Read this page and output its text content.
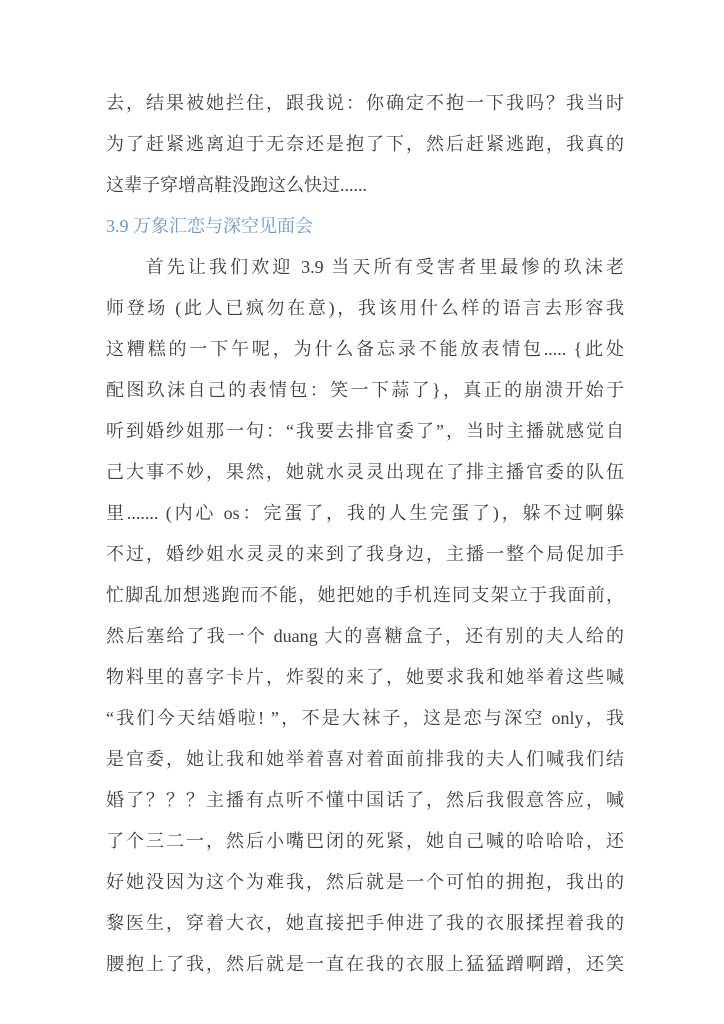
去，结果被她拦住，跟我说：你确定不抱一下我吗？我当时
为了赶紧逃离迫于无奈还是抱了下，然后赶紧逃跑，我真的
这辈子穿增高鞋没跑这么快过......
3.9 万象汇恋与深空见面会
首先让我们欢迎 3.9 当天所有受害者里最惨的玖沫老
师登场 (此人已疯勿在意)，我该用什么样的语言去形容我
这糟糕的一下午呢，为什么备忘录不能放表情包..... {此处
配图玖沫自己的表情包：笑一下蒜了}，真正的崩溃开始于
听到婚纱姐那一句：“我要去排官委了”，当时主播就感觉自
己大事不妙，果然，她就水灵灵出现在了排主播官委的队伍
里....... (内心 os：完蛋了，我的人生完蛋了)，躲不过啊躲
不过，婚纱姐水灵灵的来到了我身边，主播一整个局促加手
忙脚乱加想逃跑而不能，她把她的手机连同支架立于我面前，
然后塞给了我一个 duang 大的喜糖盒子，还有别的夫人给的
物料里的喜字卡片，炸裂的来了，她要求我和她举着这些喊
“我们今天结婚啦! ”，不是大袜子，这是恋与深空 only，我
是官委，她让我和她举着喜对着面前排我的夫人们喊我们结
婚了？？？主播有点听不懂中国话了，然后我假意答应，喊
了个三二一，然后小嘴巴闭的死紧，她自己喊的哈哈哈，还
好她没因为这个为难我，然后就是一个可怕的拥抱，我出的
黎医生，穿着大衣，她直接把手伸进了我的衣服揉捏着我的
腰抱上了我，然后就是一直在我的衣服上猛猛蹭啊蹭，还笑
